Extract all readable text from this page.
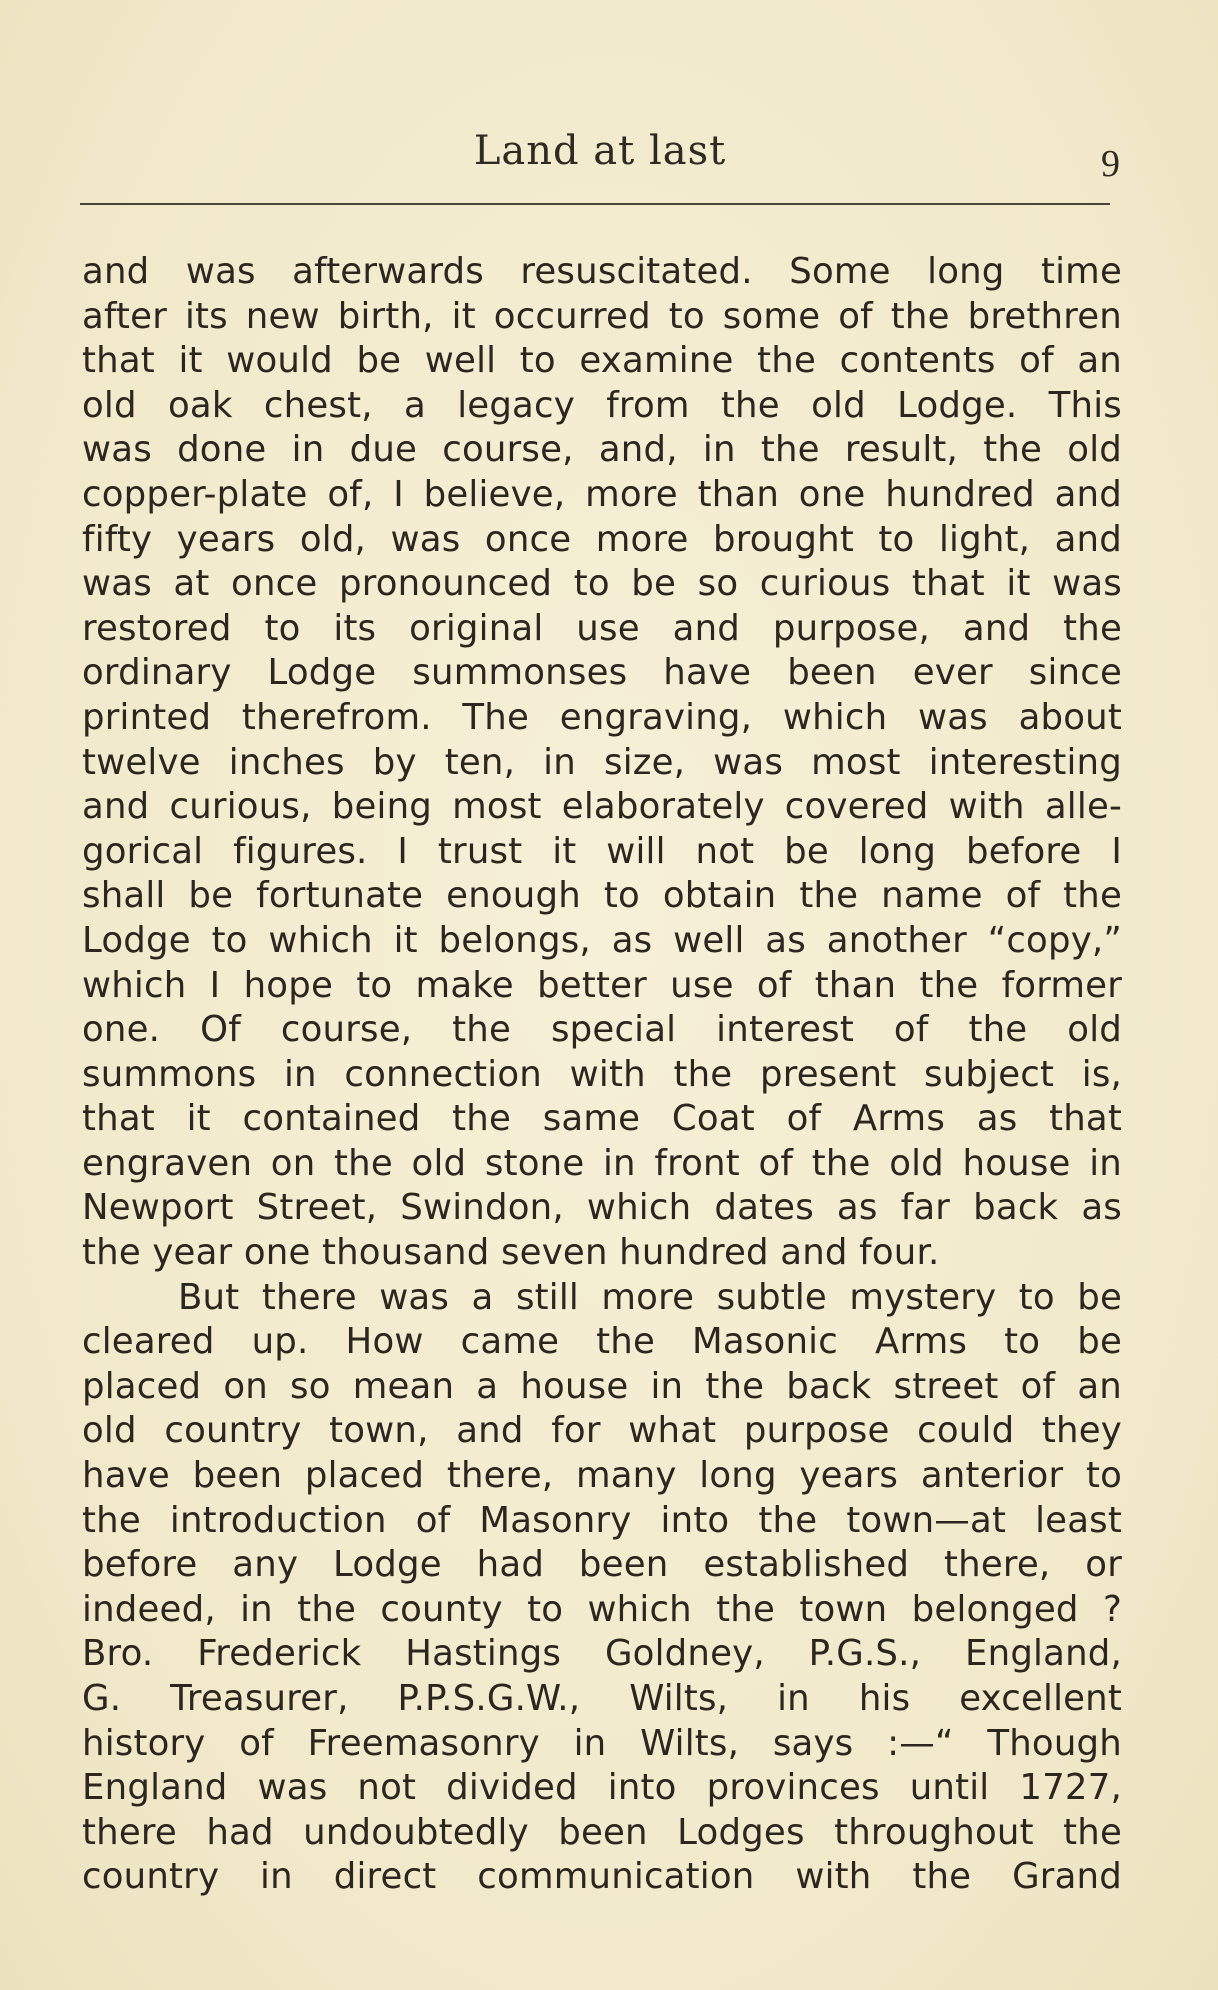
Land at last	9
and was afterwards resuscitated. Some long time
after its new birth, it occurred to some of the brethren
that it would be well to examine the contents of an
old oak chest, a legacy from the old Lodge. This
was done in due course, and, in the result, the old
copper-plate of, I believe, more than one hundred and
fifty years old, was once more brought to light, and
was at once pronounced to be so curious that it was
restored to its original use and purpose, and the
ordinary Lodge summonses have been ever since
printed therefrom. The engraving, which was about
twelve inches by ten, in size, was most interesting
and curious, being most elaborately covered with alle-
gorical figures. I trust it will not be long before I
shall be fortunate enough to obtain the name of the
Lodge to which it belongs, as well as another “copy,”
which I hope to make better use of than the former
one. Of course, the special interest of the old
summons in connection with the present subject is,
that it contained the same Coat of Arms as that
engraven on the old stone in front of the old house in
Newport Street, Swindon, which dates as far back as
the year one thousand seven hundred and four.
But there was a still more subtle mystery to be
cleared up. How came the Masonic Arms to be
placed on so mean a house in the back street of an
old country town, and for what purpose could they
have been placed there, many long years anterior to
the introduction of Masonry into the town—at least
before any Lodge had been established there, or
indeed, in the county to which the town belonged ?
Bro. Frederick Hastings Goldney, P.G.S., England,
G. Treasurer, P.P.S.G.W., Wilts, in his excellent
history of Freemasonry in Wilts, says :—“ Though
England was not divided into provinces until 1727,
there had undoubtedly been Lodges throughout the
country in direct communication with the Grand
